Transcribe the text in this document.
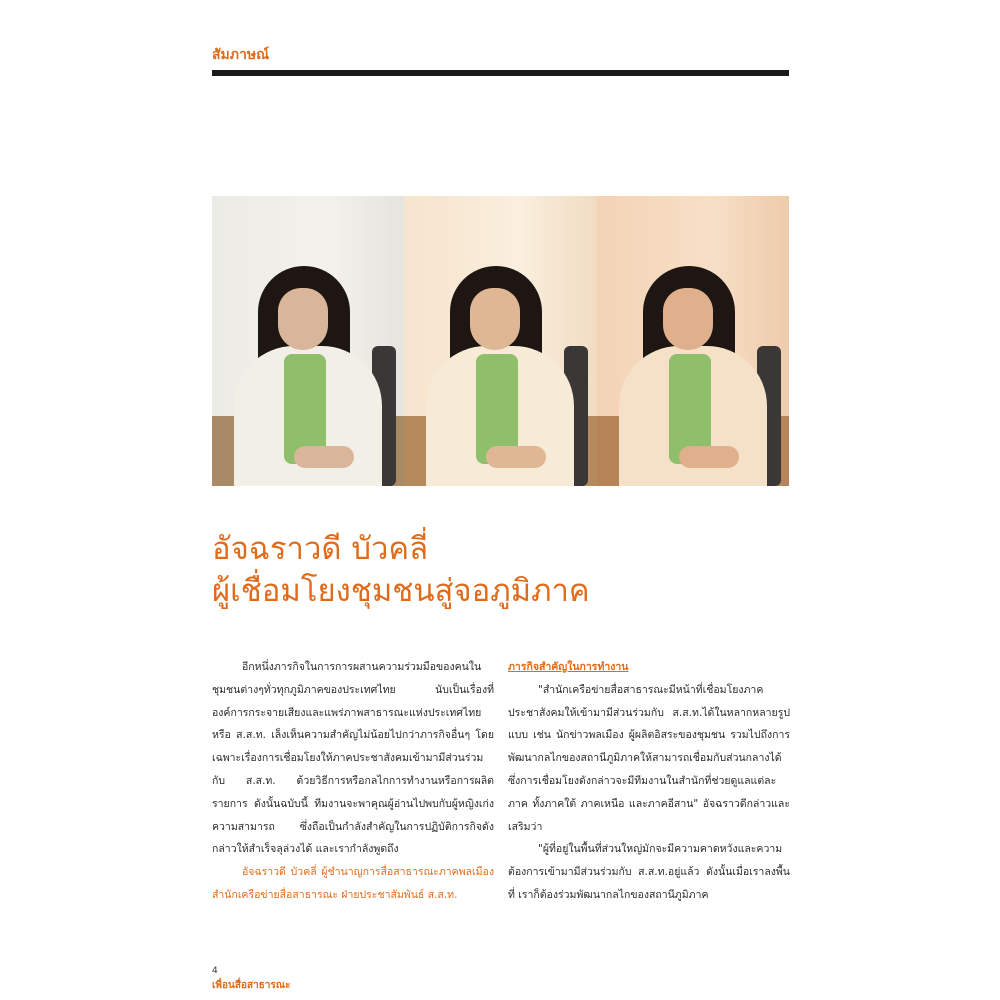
สัมภาษณ์
อัจฉราวดี บัวคลี่
ผู้เชื่อมโยงชุมชนสู่จอภูมิภาค

อีกหนึ่งภารกิจในการการผสานความร่วมมือของคนในชุมชนต่างๆทั่วทุกภูมิภาคของประเทศไทย นับเป็นเรื่องที่องค์การกระจายเสียงและแพร่ภาพสาธารณะแห่งประเทศไทยหรือ ส.ส.ท. เล็งเห็นความสำคัญไม่น้อยไปกว่าภารกิจอื่นๆ โดยเฉพาะเรื่องการเชื่อมโยงให้ภาคประชาสังคมเข้ามามีส่วนร่วมกับ ส.ส.ท. ด้วยวิธีการหรือกลไกการทำงานหรือการผลิตรายการ ดังนั้นฉบับนี้ ทีมงานจะพาคุณผู้อ่านไปพบกับผู้หญิงเก่งความสามารถ ซึ่งถือเป็นกำลังสำคัญในการปฏิบัติการกิจดังกล่าวให้สำเร็จลุล่วงได้ และเรากำลังพูดถึง

อัจฉราวดี บัวคลี่ ผู้ชำนาญการสื่อสาธารณะภาคพลเมือง สำนักเครือข่ายสื่อสาธารณะ ฝ่ายประชาสัมพันธ์ ส.ส.ท.

ภารกิจสำคัญในการทำงาน

"สำนักเครือข่ายสื่อสาธารณะมีหน้าที่เชื่อมโยงภาคประชาสังคมให้เข้ามามีส่วนร่วมกับ ส.ส.ท.ได้ในหลากหลายรูปแบบ เช่น นักข่าวพลเมือง ผู้ผลิตอิสระของชุมชน รวมไปถึงการพัฒนากลไกของสถานีภูมิภาคให้สามารถเชื่อมกับส่วนกลางได้ ซึ่งการเชื่อมโยงดังกล่าวจะมีทีมงานในสำนักที่ช่วยดูแลแต่ละภาค ทั้งภาคใต้ ภาคเหนือ และภาคอีสาน" อัจฉราวดีกล่าวและเสริมว่า

"ผู้ที่อยู่ในพื้นที่ส่วนใหญ่มักจะมีความคาดหวังและความต้องการเข้ามามีส่วนร่วมกับ ส.ส.ท.อยู่แล้ว ดังนั้นเมื่อเราลงพื้นที่ เราก็ต้องร่วมพัฒนากลไกของสถานีภูมิภาค

4
เพื่อนสื่อสาธารณะ
